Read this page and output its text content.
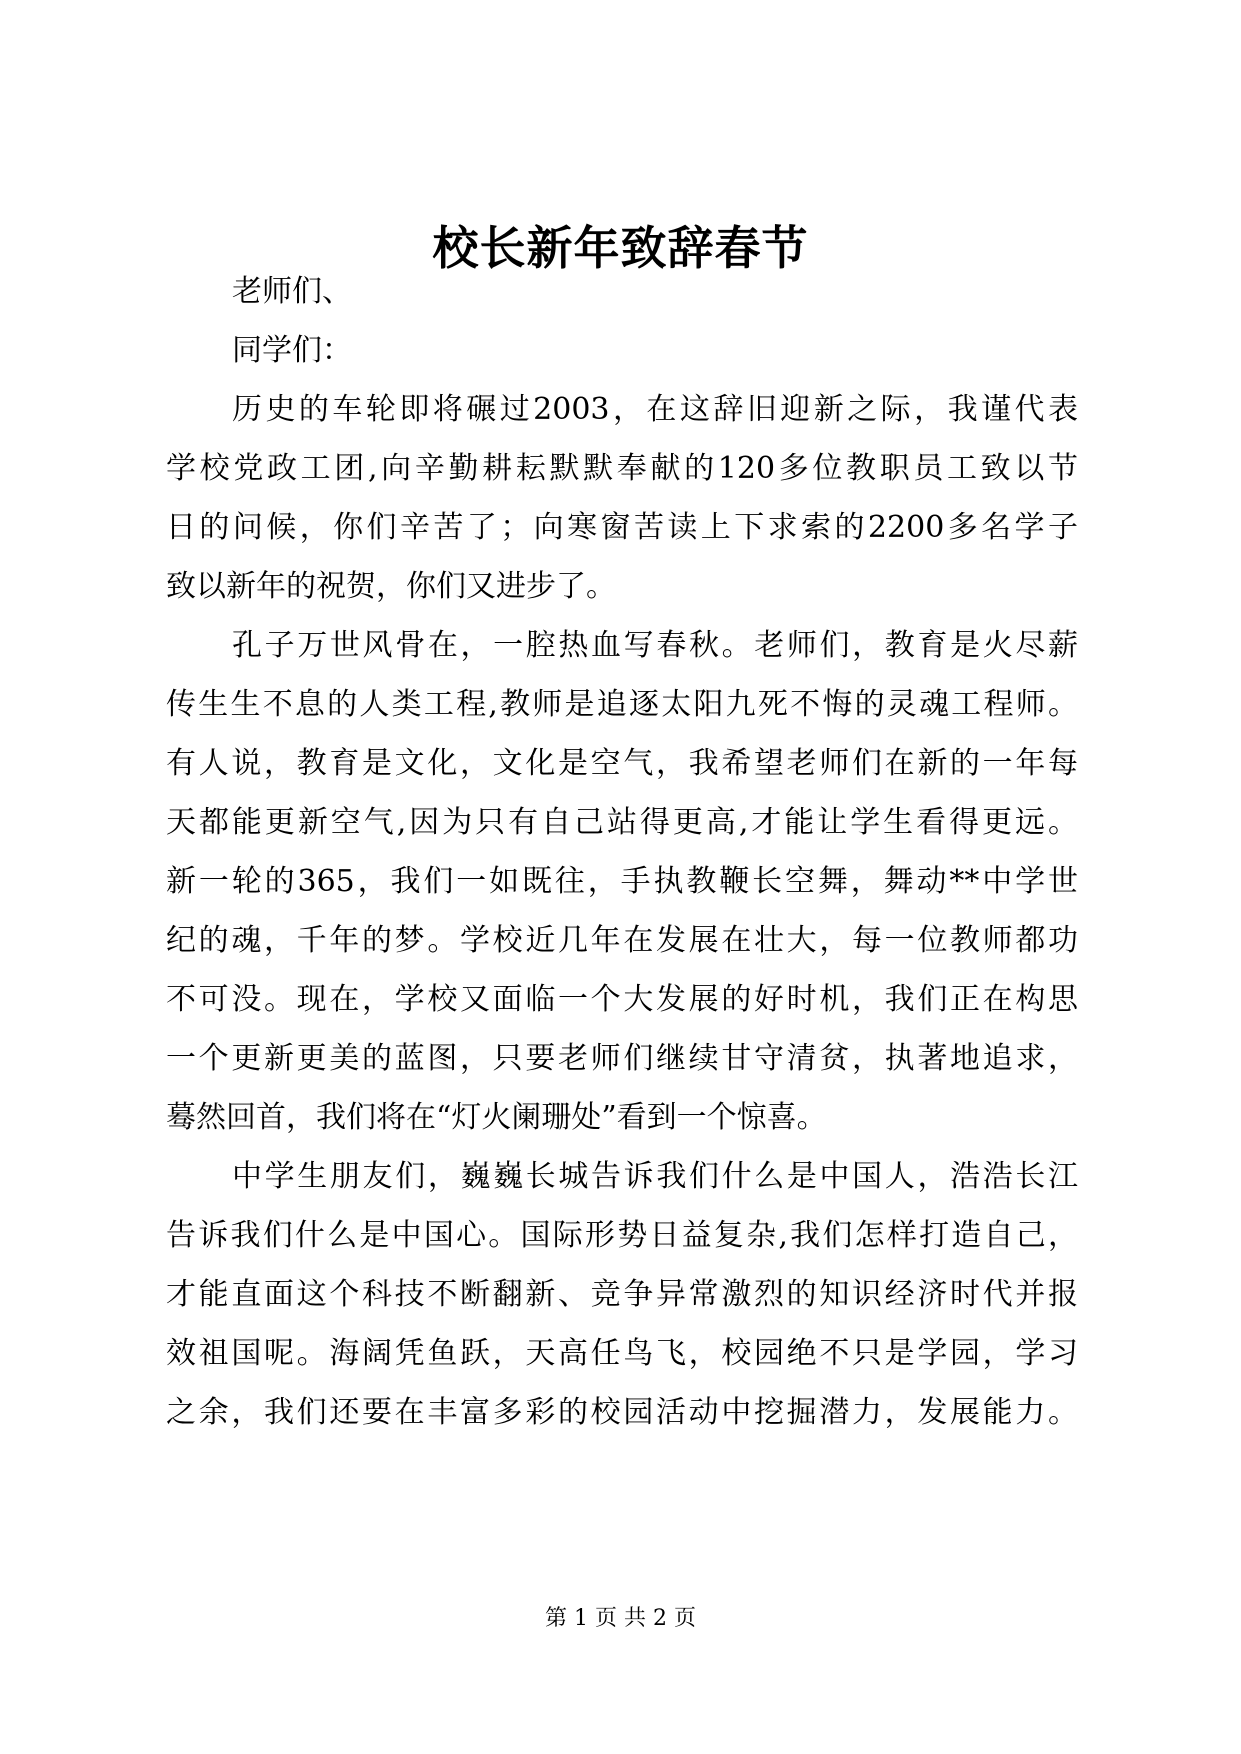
校长新年致辞春节
老师们、
同学们：
历史的车轮即将碾过2003，在这辞旧迎新之际，我谨代表
学校党政工团,向辛勤耕耘默默奉献的120多位教职员工致以节
日的问候，你们辛苦了；向寒窗苦读上下求索的2200多名学子
致以新年的祝贺，你们又进步了。
孔子万世风骨在，一腔热血写春秋。老师们，教育是火尽薪
传生生不息的人类工程,教师是追逐太阳九死不悔的灵魂工程师。
有人说，教育是文化，文化是空气，我希望老师们在新的一年每
天都能更新空气,因为只有自己站得更高,才能让学生看得更远。
新一轮的365，我们一如既往，手执教鞭长空舞，舞动**中学世
纪的魂，千年的梦。学校近几年在发展在壮大，每一位教师都功
不可没。现在，学校又面临一个大发展的好时机，我们正在构思
一个更新更美的蓝图，只要老师们继续甘守清贫，执著地追求，
蓦然回首，我们将在“灯火阑珊处”看到一个惊喜。
中学生朋友们，巍巍长城告诉我们什么是中国人，浩浩长江
告诉我们什么是中国心。国际形势日益复杂,我们怎样打造自己，
才能直面这个科技不断翻新、竞争异常激烈的知识经济时代并报
效祖国呢。海阔凭鱼跃，天高任鸟飞，校园绝不只是学园，学习
之余，我们还要在丰富多彩的校园活动中挖掘潜力，发展能力。
第 1 页 共 2 页
